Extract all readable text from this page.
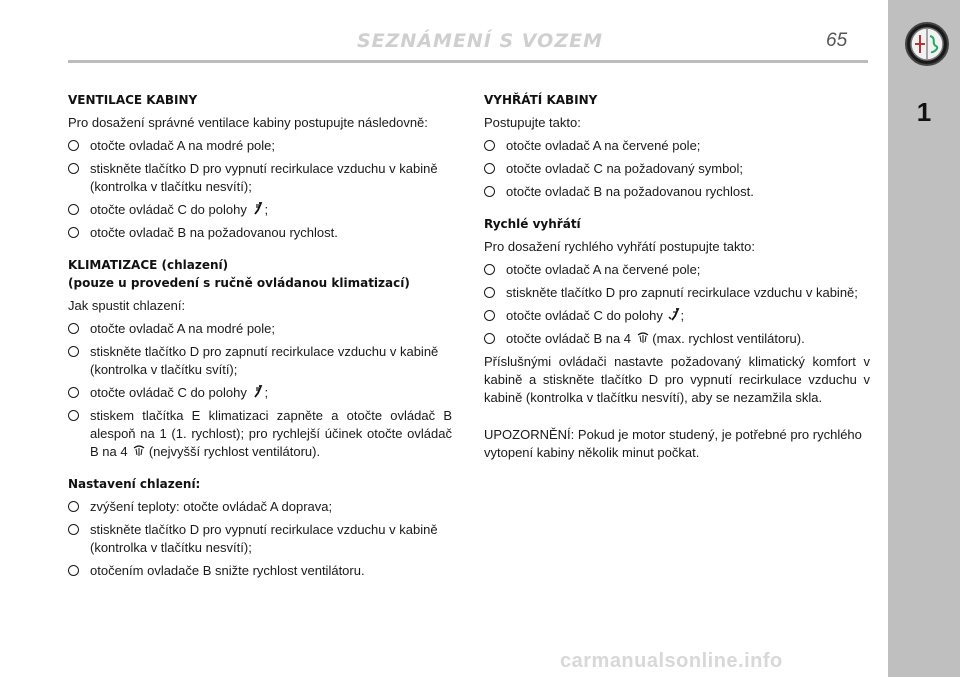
SEZNÁMENÍ S VOZEM	65
1
VENTILACE KABINY
Pro dosažení správné ventilace kabiny postupujte následovně:
otočte ovladač A na modré pole;
stiskněte tlačítko D pro vypnutí recirkulace vzduchu v kabině (kontrolka v tlačítku nesvítí);
otočte ovládač C do polohy ;
otočte ovladač B na požadovanou rychlost.
KLIMATIZACE (chlazení)
(pouze u provedení s ručně ovládanou klimatizací)
Jak spustit chlazení:
otočte ovladač A na modré pole;
stiskněte tlačítko D pro zapnutí recirkulace vzduchu v kabině (kontrolka v tlačítku svítí);
otočte ovládač C do polohy ;
stiskem tlačítka E klimatizaci zapněte a otočte ovládač B alespoň na 1 (1. rychlost); pro rychlejší účinek otočte ovládač B na 4 (nejvyšší rychlost ventilátoru).
Nastavení chlazení:
zvýšení teploty: otočte ovládač A doprava;
stiskněte tlačítko D pro vypnutí recirkulace vzduchu v kabině (kontrolka v tlačítku nesvítí);
otočením ovladače B snižte rychlost ventilátoru.
VYHŘÁTÍ KABINY
Postupujte takto:
otočte ovladač A na červené pole;
otočte ovladač C na požadovaný symbol;
otočte ovladač B na požadovanou rychlost.
Rychlé vyhřátí
Pro dosažení rychlého vyhřátí postupujte takto:
otočte ovladač A na červené pole;
stiskněte tlačítko D pro zapnutí recirkulace vzduchu v kabině;
otočte ovládač C do polohy ;
otočte ovládač B na 4 (max. rychlost ventilátoru).
Příslušnými ovládači nastavte požadovaný klimatický komfort v kabině a stiskněte tlačítko D pro vypnutí recirkulace vzduchu v kabině (kontrolka v tlačítku nesvítí), aby se nezamžila skla.
UPOZORNĚNÍ: Pokud je motor studený, je potřebné pro rychlého vytopení kabiny několik minut počkat.
carmanualsonline.info
